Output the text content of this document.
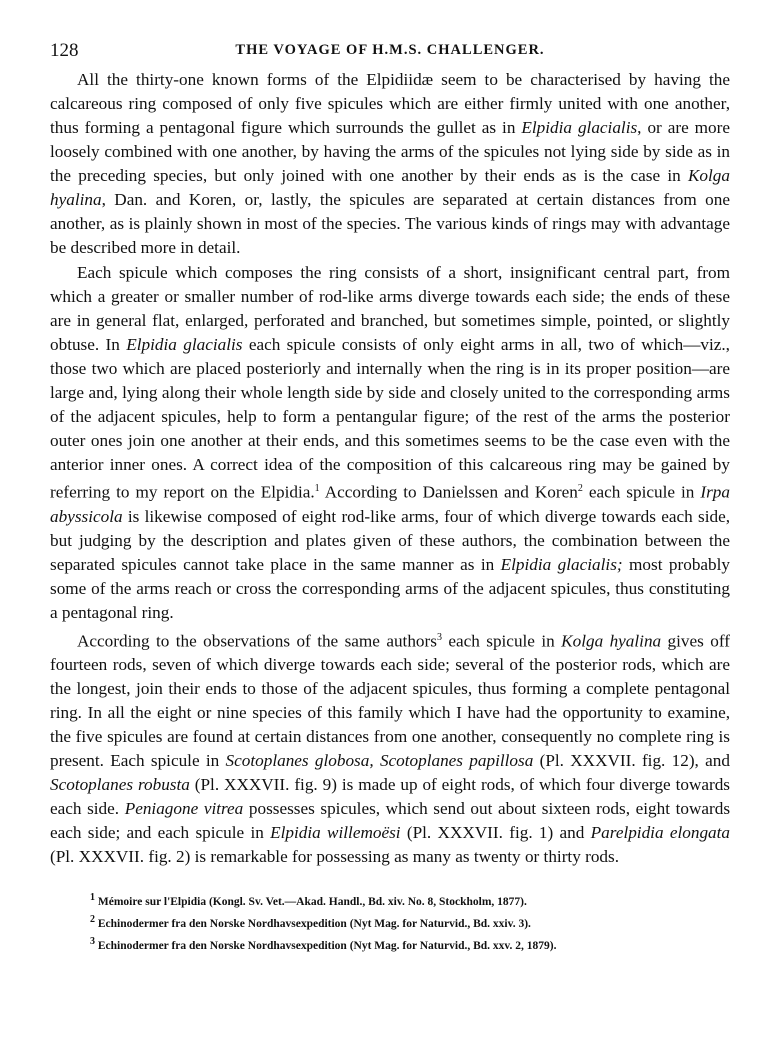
128	THE VOYAGE OF H.M.S. CHALLENGER.

All the thirty-one known forms of the Elpidiidæ seem to be characterised by having the calcareous ring composed of only five spicules which are either firmly united with one another, thus forming a pentagonal figure which surrounds the gullet as in Elpidia glacialis, or are more loosely combined with one another, by having the arms of the spicules not lying side by side as in the preceding species, but only joined with one another by their ends as is the case in Kolga hyalina, Dan. and Koren, or, lastly, the spicules are separated at certain distances from one another, as is plainly shown in most of the species. The various kinds of rings may with advantage be described more in detail.

Each spicule which composes the ring consists of a short, insignificant central part, from which a greater or smaller number of rod-like arms diverge towards each side; the ends of these are in general flat, enlarged, perforated and branched, but sometimes simple, pointed, or slightly obtuse. In Elpidia glacialis each spicule consists of only eight arms in all, two of which—viz., those two which are placed posteriorly and internally when the ring is in its proper position—are large and, lying along their whole length side by side and closely united to the corresponding arms of the adjacent spicules, help to form a pentangular figure; of the rest of the arms the posterior outer ones join one another at their ends, and this sometimes seems to be the case even with the anterior inner ones. A correct idea of the composition of this calcareous ring may be gained by referring to my report on the Elpidia.$^1$ According to Danielssen and Koren$^2$ each spicule in Irpa abyssicola is likewise composed of eight rod-like arms, four of which diverge towards each side, but judging by the description and plates given of these authors, the combination between the separated spicules cannot take place in the same manner as in Elpidia glacialis; most probably some of the arms reach or cross the corresponding arms of the adjacent spicules, thus constituting a pentagonal ring.

According to the observations of the same authors$^3$ each spicule in Kolga hyalina gives off fourteen rods, seven of which diverge towards each side; several of the posterior rods, which are the longest, join their ends to those of the adjacent spicules, thus forming a complete pentagonal ring. In all the eight or nine species of this family which I have had the opportunity to examine, the five spicules are found at certain distances from one another, consequently no complete ring is present. Each spicule in Scotoplanes globosa, Scotoplanes papillosa (Pl. XXXVII. fig. 12), and Scotoplanes robusta (Pl. XXXVII. fig. 9) is made up of eight rods, of which four diverge towards each side. Peniagone vitrea possesses spicules, which send out about sixteen rods, eight towards each side; and each spicule in Elpidia willemoësi (Pl. XXXVII. fig. 1) and Parelpidia elongata (Pl. XXXVII. fig. 2) is remarkable for possessing as many as twenty or thirty rods.

$^1$ Mémoire sur l'Elpidia (Kongl. Sv. Vet.—Akad. Handl., Bd. xiv. No. 8, Stockholm, 1877).

$^2$ Echinodermer fra den Norske Nordhavsexpedition (Nyt Mag. for Naturvid., Bd. xxiv. 3).

$^3$ Echinodermer fra den Norske Nordhavsexpedition (Nyt Mag. for Naturvid., Bd. xxv. 2, 1879).
